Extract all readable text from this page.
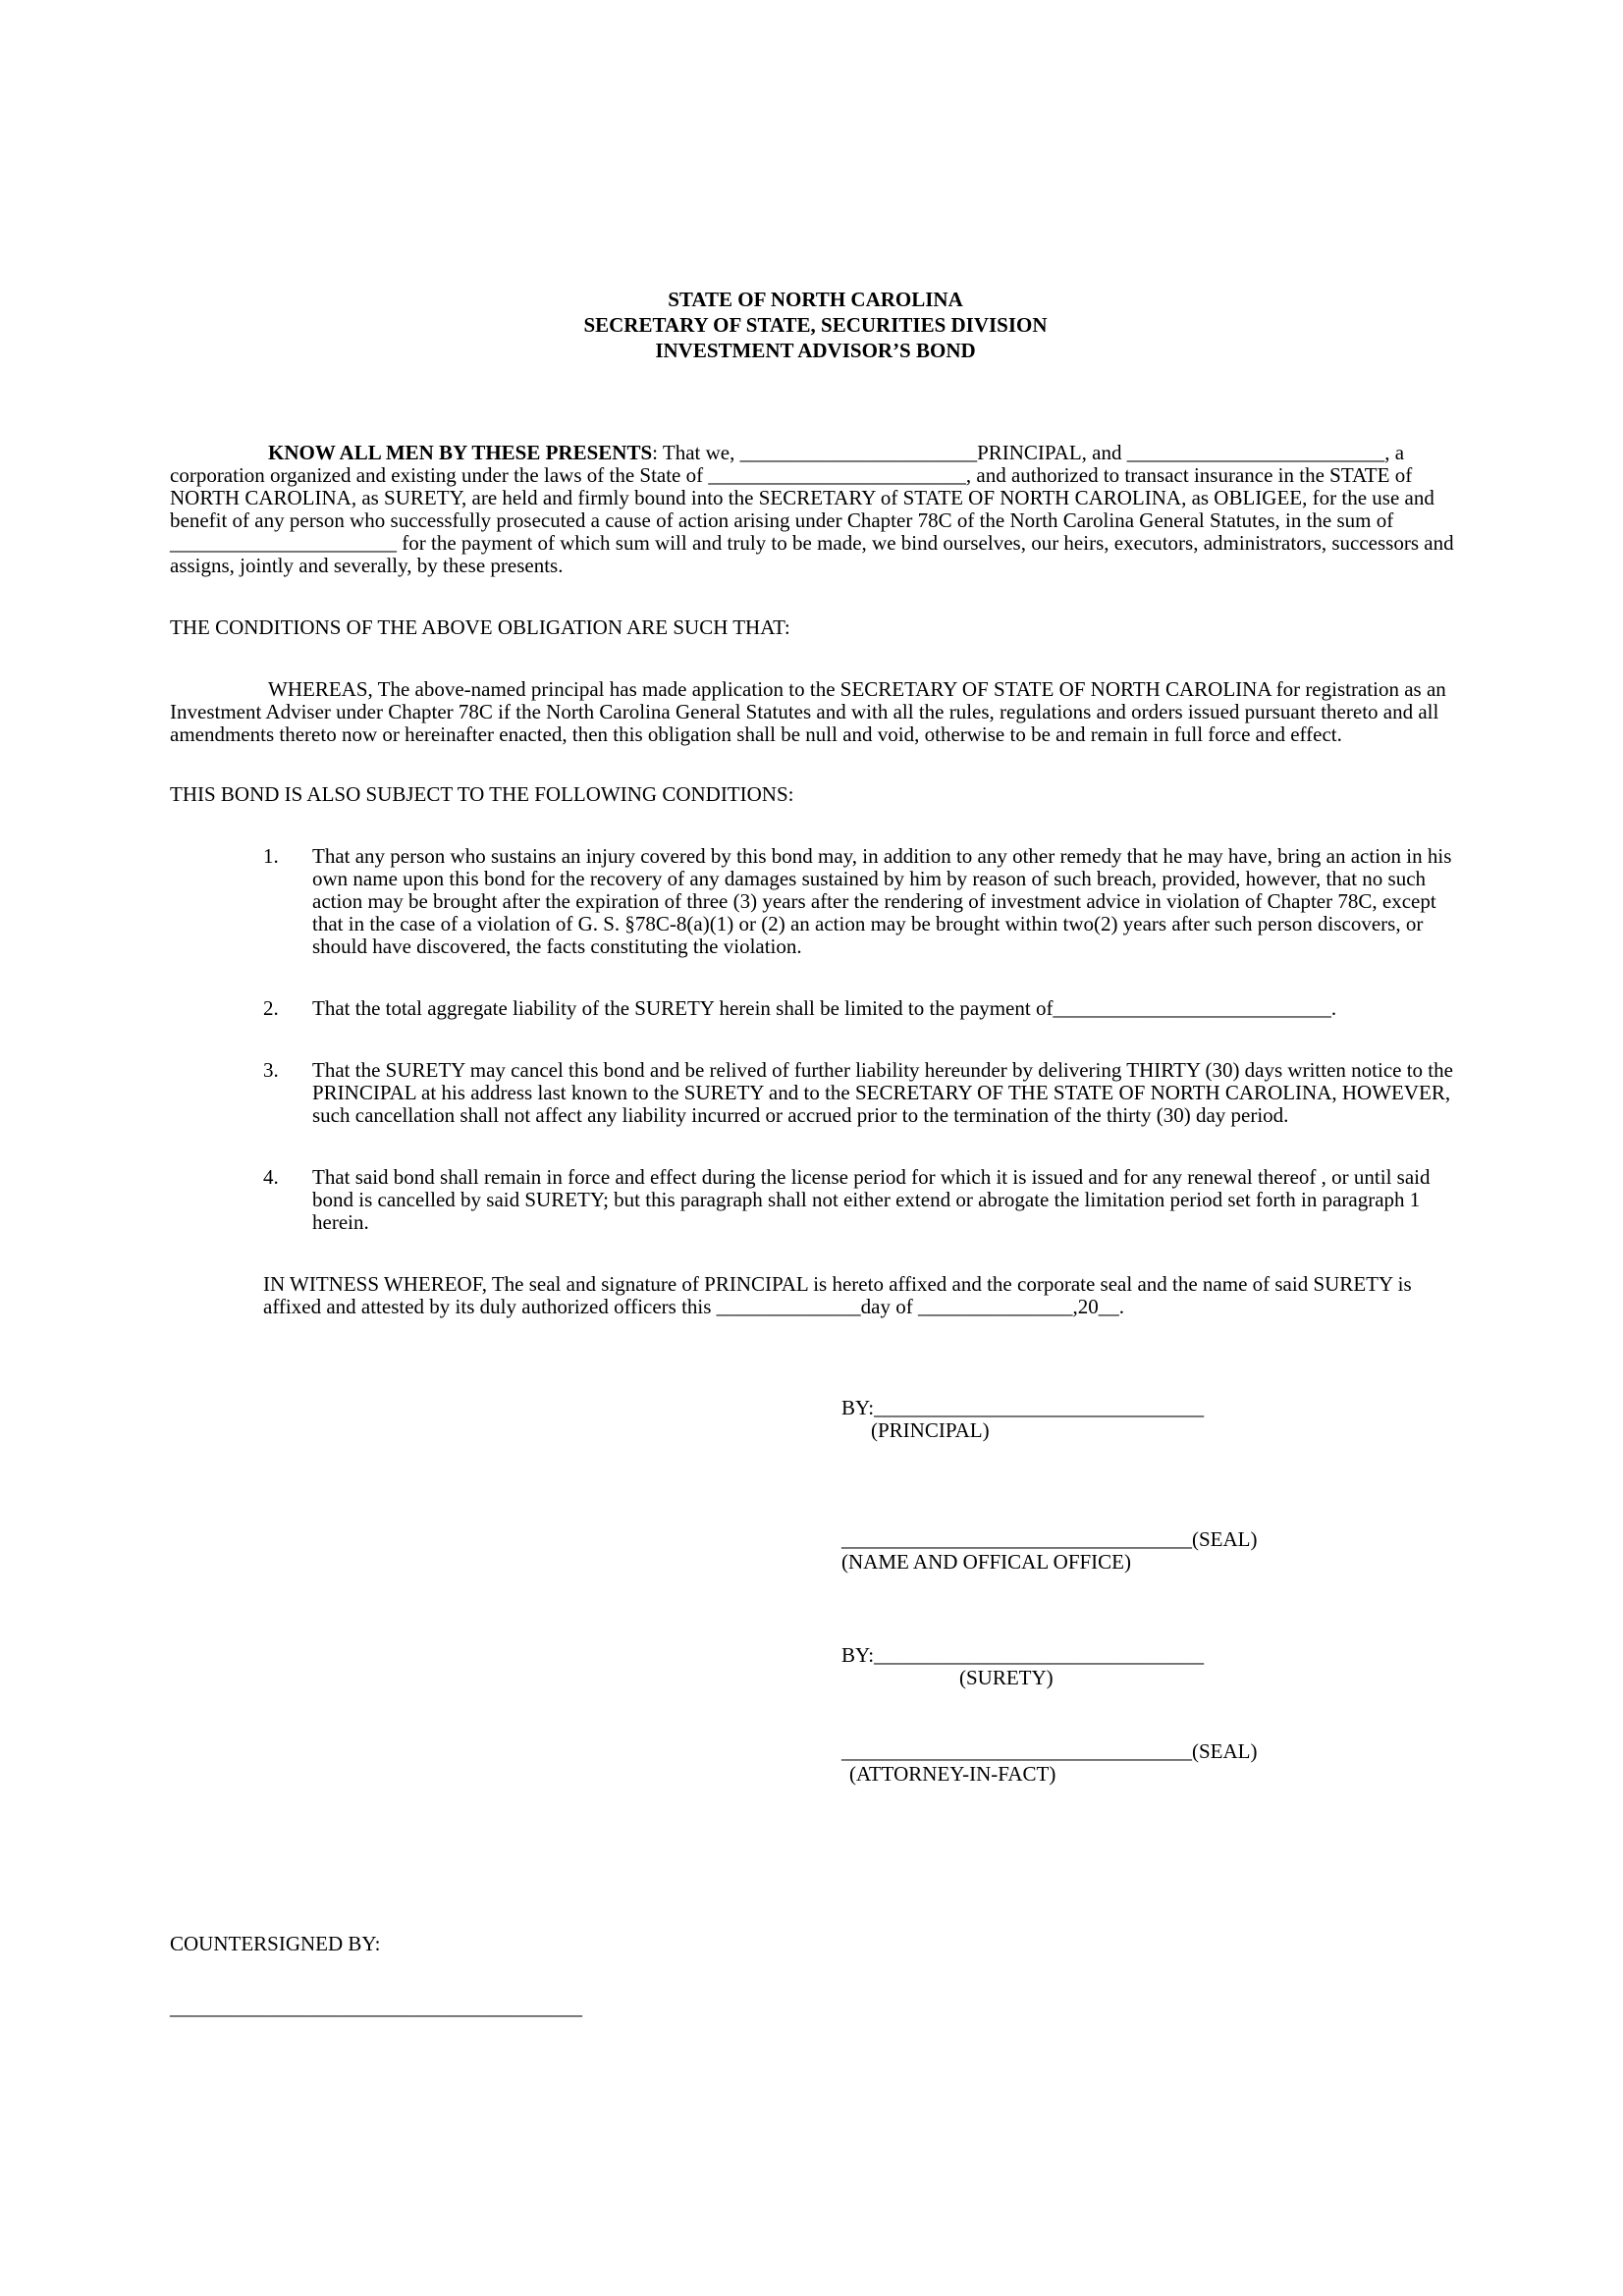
STATE OF NORTH CAROLINA
SECRETARY OF STATE, SECURITIES DIVISION
INVESTMENT ADVISOR’S BOND

KNOW ALL MEN BY THESE PRESENTS: That we, _______________________PRINCIPAL, and _________________________, a corporation organized and existing under the laws of the State of _________________________, and authorized to transact insurance in the STATE of NORTH CAROLINA, as SURETY, are held and firmly bound into the SECRETARY of STATE OF NORTH CAROLINA, as OBLIGEE, for the use and benefit of any person who successfully prosecuted a cause of action arising under Chapter 78C of the North Carolina General Statutes, in the sum of ______________________ for the payment of which sum will and truly to be made, we bind ourselves, our heirs, executors, administrators, successors and assigns, jointly and severally, by these presents.

THE CONDITIONS OF THE ABOVE OBLIGATION ARE SUCH THAT:

WHEREAS, The above-named principal has made application to the SECRETARY OF STATE OF NORTH CAROLINA for registration as an Investment Adviser under Chapter 78C if the North Carolina General Statutes and with all the rules, regulations and orders issued pursuant thereto and all amendments thereto now or hereinafter enacted, then this obligation shall be null and void, otherwise to be and remain in full force and effect.

THIS BOND IS ALSO SUBJECT TO THE FOLLOWING CONDITIONS:

1.	That any person who sustains an injury covered by this bond may, in addition to any other remedy that he may have, bring an action in his own name upon this bond for the recovery of any damages sustained by him by reason of such breach, provided, however, that no such action may be brought after the expiration of three (3) years after the rendering of investment advice in violation of Chapter 78C, except that in the case of a violation of G. S. §78C-8(a)(1) or (2) an action may be brought within two(2) years after such person discovers, or should have discovered, the facts constituting the violation.
2.	That the total aggregate liability of the SURETY herein shall be limited to the payment of___________________________.
3.	That the SURETY may cancel this bond and be relived of further liability hereunder by delivering THIRTY (30) days written notice to the PRINCIPAL at his address last known to the SURETY and to the SECRETARY OF THE STATE OF NORTH CAROLINA, HOWEVER, such cancellation shall not affect any liability incurred or accrued prior to the termination of the thirty (30) day period.
4.	That said bond shall remain in force and effect during the license period for which it is issued and for any renewal thereof , or until said bond is cancelled by said SURETY; but this paragraph shall not either extend or abrogate the limitation period set forth in paragraph 1 herein.

IN WITNESS WHEREOF, The seal and signature of PRINCIPAL is hereto affixed and the corporate seal and the name of said SURETY is affixed and attested by its duly authorized officers this ______________day of _______________,20__.

BY:________________________________
(PRINCIPAL)
__________________________________(SEAL)
(NAME AND OFFICAL OFFICE)
BY:________________________________
(SURETY)
__________________________________(SEAL)
(ATTORNEY-IN-FACT)
COUNTERSIGNED BY:
________________________________________
